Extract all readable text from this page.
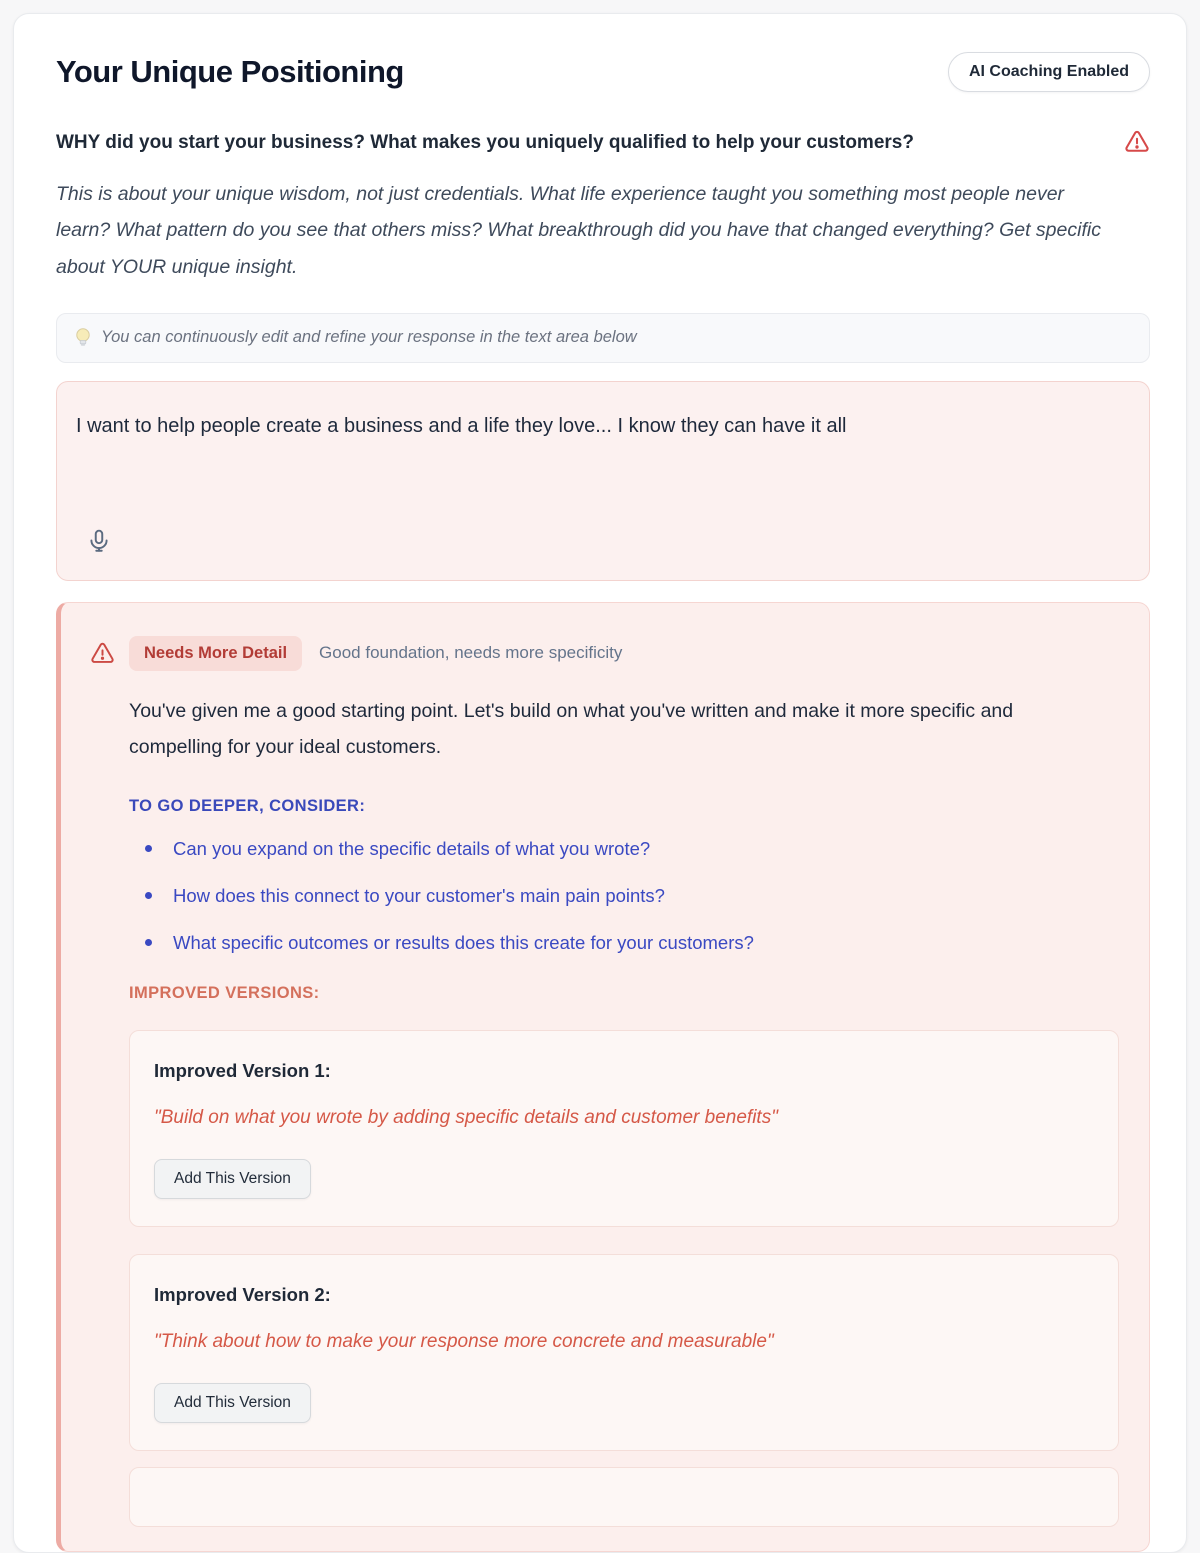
Your Unique Positioning	AI Coaching Enabled
WHY did you start your business? What makes you uniquely qualified to help your customers?

This is about your unique wisdom, not just credentials. What life experience taught you something most people never learn? What pattern do you see that others miss? What breakthrough did you have that changed everything? Get specific about YOUR unique insight.

You can continuously edit and refine your response in the text area below
I want to help people create a business and a life they love... I know they can have it all
Needs More Detail	Good foundation, needs more specificity

You've given me a good starting point. Let's build on what you've written and make it more specific and compelling for your ideal customers.

TO GO DEEPER, CONSIDER:
Can you expand on the specific details of what you wrote?
How does this connect to your customer's main pain points?
What specific outcomes or results does this create for your customers?
IMPROVED VERSIONS:
Improved Version 1:
"Build on what you wrote by adding specific details and customer benefits"
Add This Version
Improved Version 2:
"Think about how to make your response more concrete and measurable"
Add This Version
